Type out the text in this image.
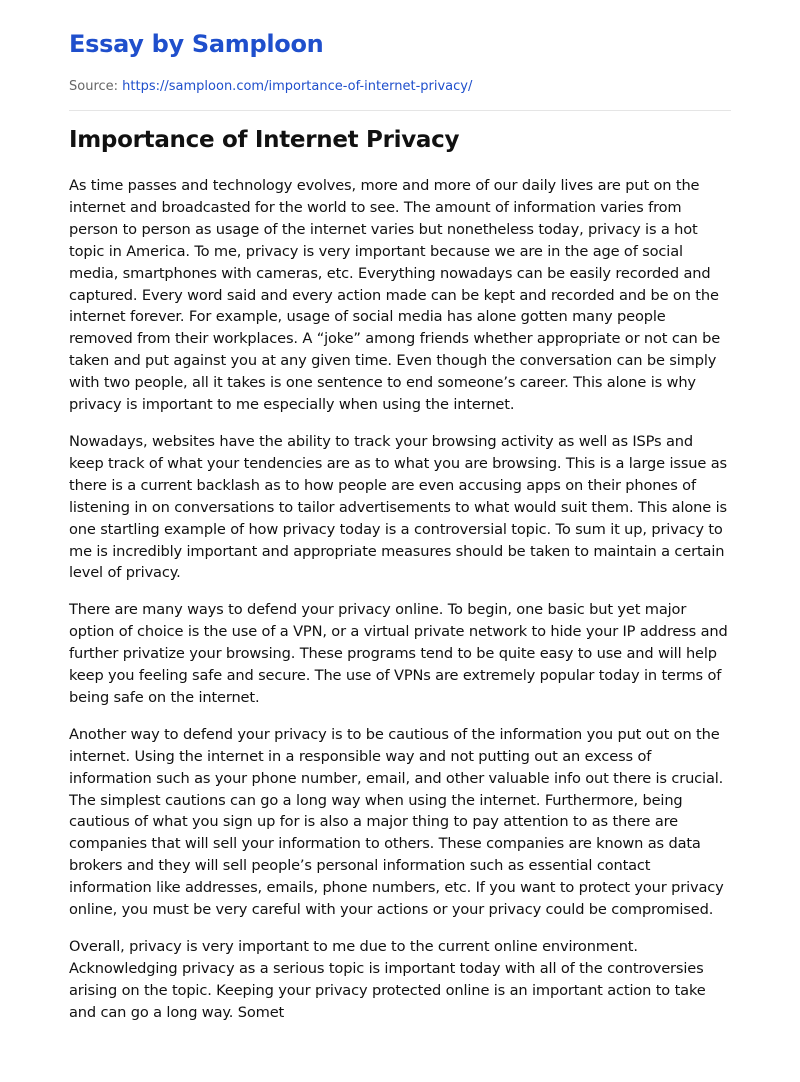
Essay by Samploon
Source: https://samploon.com/importance-of-internet-privacy/
Importance of Internet Privacy

As time passes and technology evolves, more and more of our daily lives are put on the internet and broadcasted for the world to see. The amount of information varies from person to person as usage of the internet varies but nonetheless today, privacy is a hot topic in America. To me, privacy is very important because we are in the age of social media, smartphones with cameras, etc. Everything nowadays can be easily recorded and captured. Every word said and every action made can be kept and recorded and be on the internet forever. For example, usage of social media has alone gotten many people removed from their workplaces. A “joke” among friends whether appropriate or not can be taken and put against you at any given time. Even though the conversation can be simply with two people, all it takes is one sentence to end someone’s career. This alone is why privacy is important to me especially when using the internet.

Nowadays, websites have the ability to track your browsing activity as well as ISPs and keep track of what your tendencies are as to what you are browsing. This is a large issue as there is a current backlash as to how people are even accusing apps on their phones of listening in on conversations to tailor advertisements to what would suit them. This alone is one startling example of how privacy today is a controversial topic. To sum it up, privacy to me is incredibly important and appropriate measures should be taken to maintain a certain level of privacy.

There are many ways to defend your privacy online. To begin, one basic but yet major option of choice is the use of a VPN, or a virtual private network to hide your IP address and further privatize your browsing. These programs tend to be quite easy to use and will help keep you feeling safe and secure. The use of VPNs are extremely popular today in terms of being safe on the internet.

Another way to defend your privacy is to be cautious of the information you put out on the internet. Using the internet in a responsible way and not putting out an excess of information such as your phone number, email, and other valuable info out there is crucial. The simplest cautions can go a long way when using the internet. Furthermore, being cautious of what you sign up for is also a major thing to pay attention to as there are companies that will sell your information to others. These companies are known as data brokers and they will sell people’s personal information such as essential contact information like addresses, emails, phone numbers, etc. If you want to protect your privacy online, you must be very careful with your actions or your privacy could be compromised.

Overall, privacy is very important to me due to the current online environment. Acknowledging privacy as a serious topic is important today with all of the controversies arising on the topic. Keeping your privacy protected online is an important action to take and can go a long way. Somet
